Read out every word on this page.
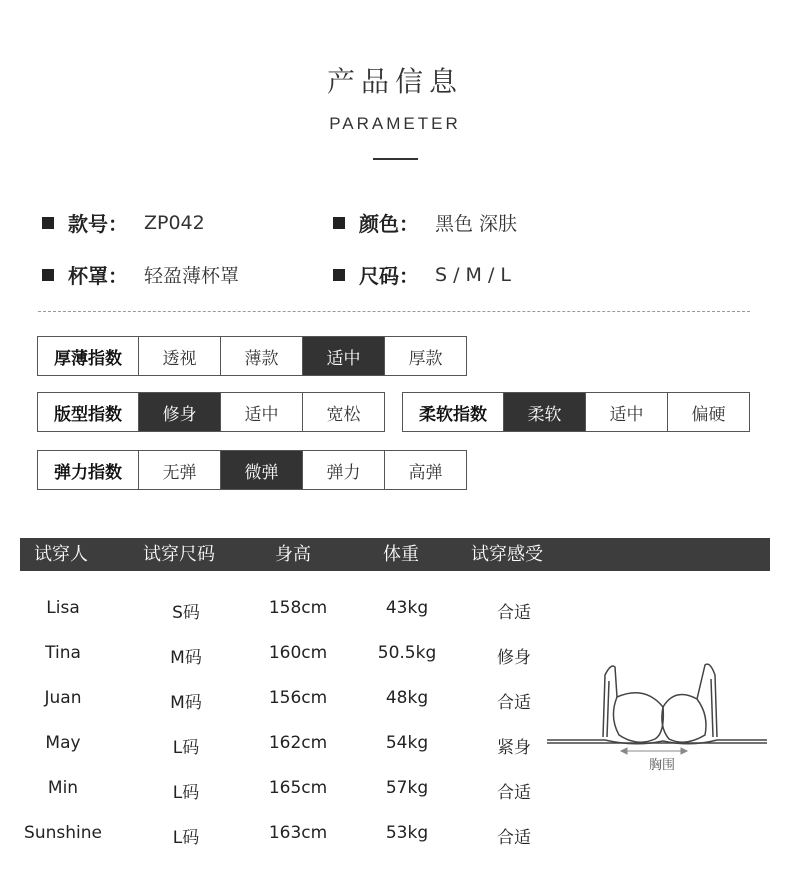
产品信息
PARAMETER
款号： ZP042	颜色： 黑色 深肤
杯罩： 轻盈薄杯罩	尺码： S / M / L
厚薄指数	透视	薄款	适中	厚款
版型指数	修身	适中	宽松	柔软指数	柔软	适中	偏硬
弹力指数	无弹	微弹	弹力	高弹
试穿人	试穿尺码	身高	体重	试穿感受
Lisa	S码	158cm	43kg	合适
Tina	M码	160cm	50.5kg	修身
Juan	M码	156cm	48kg	合适
May	L码	162cm	54kg	紧身
Min	L码	165cm	57kg	合适
Sunshine	L码	163cm	53kg	合适
胸围
